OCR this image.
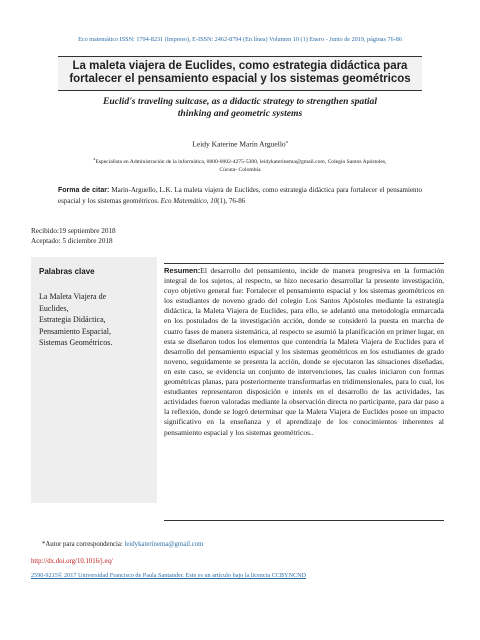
Eco matemático ISSN: 1794-8231 (Impreso), E-ISSN: 2462-8794 (En línea) Volumen 10 (1) Enero - Junio de 2019, páginas 76-86
La maleta viajera de Euclides, como estrategia didáctica para
fortalecer el pensamiento espacial y los sistemas geométricos
Euclid's traveling suitcase, as a didactic strategy to strengthen spatial
thinking and geometric systems
Leidy Katerine Marín Arguello$^a$
$^a$Especialista en Administración de la informática, 0000-0002-4275-5300, leidykaterinema@gmail.com, Colegio Santos Apóstoles,
Cúcuta- Colombia
Forma de citar: Marín-Arguello, L.K. La maleta viajera de Euclides, como estrategia didáctica para fortalecer el pensamiento espacial y los sistemas geométricos. Eco Matemático, 10(1), 76-86
Recibido:19 septiembre 2018
Aceptado: 5 diciembre 2018
Palabras clave
La Maleta Viajera de
Euclides,
Estrategia Didáctica,
Pensamiento Espacial,
Sistemas Geométricos.
Resumen:El desarrollo del pensamiento, incide de manera progresiva en la formación integral de los sujetos, al respecto, se hizo necesario desarrollar la presente investigación, cuyo objetivo general fue: Fortalecer el pensamiento espacial y los sistemas geométricos en los estudiantes de noveno grado del colegio Los Santos Apóstoles mediante la estrategia didáctica, la Maleta Viajera de Euclides, para ello, se adelantó una metodología enmarcada en los postulados de la investigación acción, donde se consideró la puesta en marcha de cuatro fases de manera sistemática, al respecto se asumió la planificación en primer lugar, en esta se diseñaron todos los elementos que contendría la Maleta Viajera de Euclides para el desarrollo del pensamiento espacial y los sistemas geométricos en los estudiantes de grado noveno, seguidamente se presenta la acción, donde se ejecutaron las situaciones diseñadas, en este caso, se evidencia un conjunto de intervenciones, las cuales iniciaron con formas geométricas planas, para posteriormente transformarlas en tridimensionales, para lo cual, los estudiantes representaron disposición e interés en el desarrollo de las actividades, las actividades fueron valoradas mediante la observación directa no participante, para dar paso a la reflexión, donde se logró determinar que la Maleta Viajera de Euclides posee un impacto significativo en la enseñanza y el aprendizaje de los conocimientos inherentes al pensamiento espacial y los sistemas geométricos..
*Autor para correspondencia: leidykaterinema@gmail.com
http://dx.doi.org/10.1016/j.eq/
2590-9215© 2017 Universidad Francisco de Paula Santander. Este es un artículo bajo la licencia CCBYNCND
